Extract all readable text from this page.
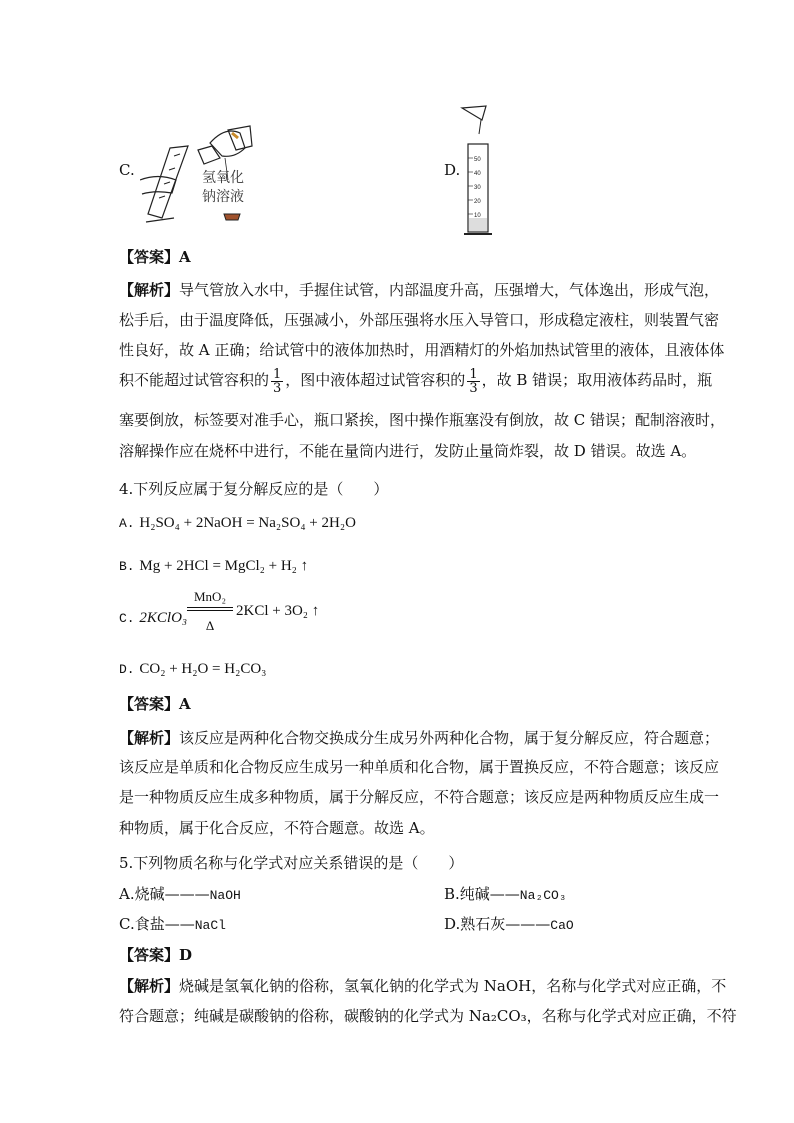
C.	氢氧化
钠溶液
D.
50
40
30
20
10
【答案】A
【解析】导气管放入水中，手握住试管，内部温度升高，压强增大，气体逸出，形成气泡，
松手后，由于温度降低，压强减小，外部压强将水压入导管口，形成稳定液柱，则装置气密
性良好，故 A 正确；给试管中的液体加热时，用酒精灯的外焰加热试管里的液体，且液体体
积不能超过试管容积的 $\frac{1}{3}$ ，图中液体超过试管容积的 $\frac{1}{3}$ ，故 B 错误；取用液体药品时，瓶
塞要倒放，标签要对准手心，瓶口紧挨，图中操作瓶塞没有倒放，故 C 错误；配制溶液时，
溶解操作应在烧杯中进行，不能在量筒内进行，发防止量筒炸裂，故 D 错误。故选 A。
4.下列反应属于复分解反应的是（　　）
A. H₂SO₄ + 2NaOH = Na₂SO₄ + 2H₂O
B. Mg + 2HCl = MgCl₂ + H₂ ↑
C. 2KClO₃
MnO₂
Δ
2KCl + 3O₂ ↑
D. CO₂ + H₂O = H₂CO₃
【答案】A
【解析】该反应是两种化合物交换成分生成另外两种化合物，属于复分解反应，符合题意；
该反应是单质和化合物反应生成另一种单质和化合物，属于置换反应，不符合题意；该反应
是一种物质反应生成多种物质，属于分解反应，不符合题意；该反应是两种物质反应生成一
种物质，属于化合反应，不符合题意。故选 A。
5.下列物质名称与化学式对应关系错误的是（　　）
A.烧碱———NaOH	B.纯碱——Na₂CO₃
C.食盐——NaCl	D.熟石灰———CaO
【答案】D
【解析】烧碱是氢氧化钠的俗称，氢氧化钠的化学式为 NaOH，名称与化学式对应正确，不
符合题意；纯碱是碳酸钠的俗称，碳酸钠的化学式为 Na₂CO₃，名称与化学式对应正确，不符
